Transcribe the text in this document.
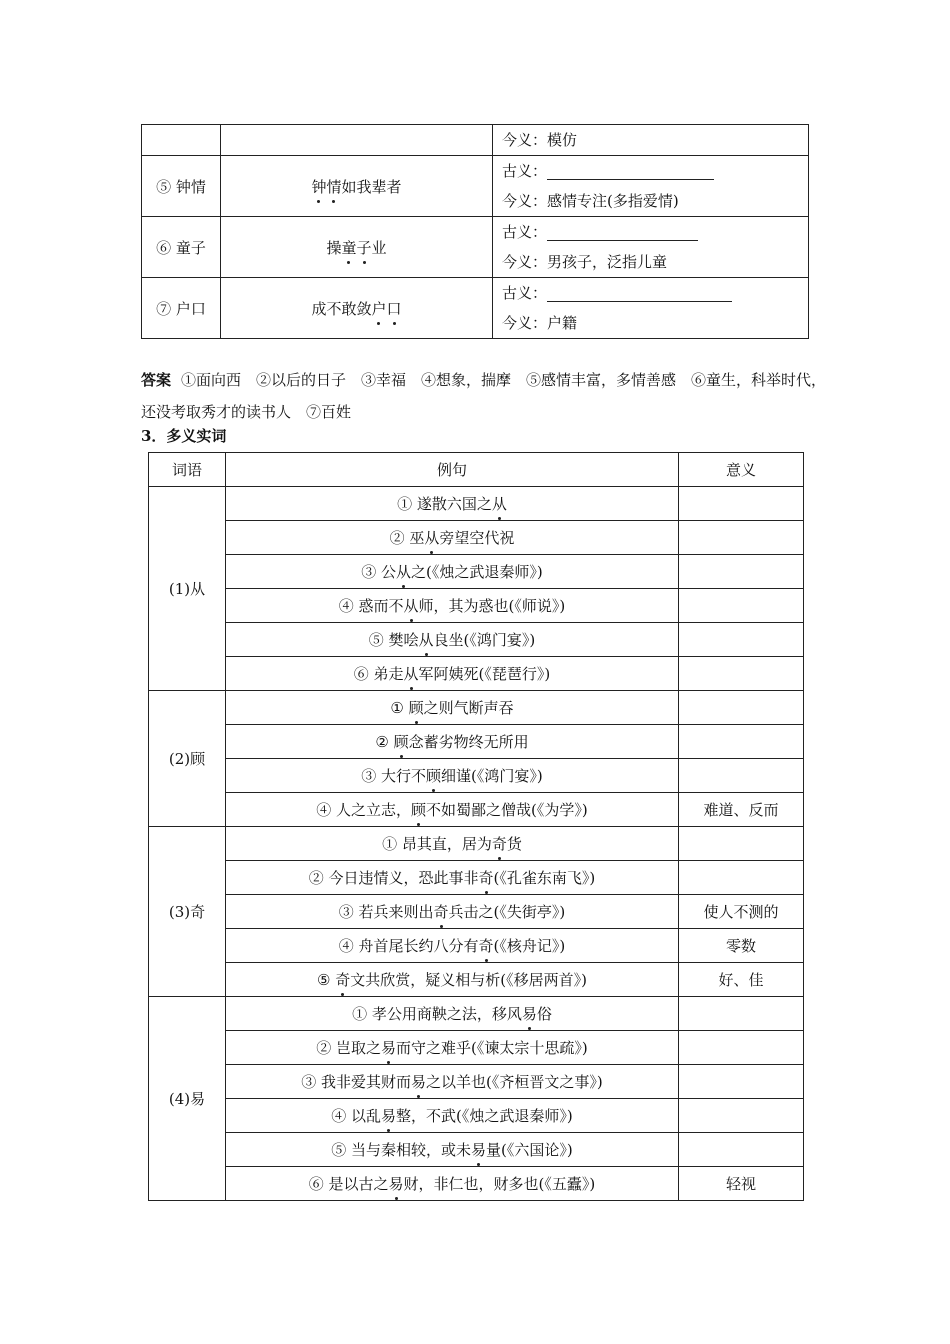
		今义：模仿

⑤ 钟情	钟情如我辈者	古义：
今义：感情专注(多指爱情)

⑥ 童子	操童子业	古义：
今义：男孩子，泛指儿童

⑦ 户口	成不敢敛户口	古义：
今义：户籍
答案 ①面向西　②以后的日子　③幸福　④想象，揣摩　⑤感情丰富，多情善感　⑥童生，科举时代，还没考取秀才的读书人　⑦百姓
3．多义实词
词语	例句	意义
(1)从	① 遂散六国之从	
	② 巫从旁望空代祝	
	③ 公从之(《烛之武退秦师》)	
	④ 惑而不从师，其为惑也(《师说》)	
	⑤ 樊哙从良坐(《鸿门宴》)	
	⑥ 弟走从军阿姨死(《琵琶行》)	
(2)顾	① 顾之则气断声吞	
	② 顾念蓄劣物终无所用	
	③ 大行不顾细谨(《鸿门宴》)	
	④ 人之立志，顾不如蜀鄙之僧哉(《为学》)	难道、反而
(3)奇	① 昂其直，居为奇货	
	② 今日违情义，恐此事非奇(《孔雀东南飞》)	
	③ 若兵来则出奇兵击之(《失街亭》)	使人不测的
	④ 舟首尾长约八分有奇(《核舟记》)	零数
	⑤ 奇文共欣赏，疑义相与析(《移居两首》)	好、佳
(4)易	① 孝公用商鞅之法，移风易俗	
	② 岂取之易而守之难乎(《谏太宗十思疏》)	
	③ 我非爱其财而易之以羊也(《齐桓晋文之事》)	
	④ 以乱易整，不武(《烛之武退秦师》)	
	⑤ 当与秦相较，或未易量(《六国论》)	
	⑥ 是以古之易财，非仁也，财多也(《五蠹》)	轻视
